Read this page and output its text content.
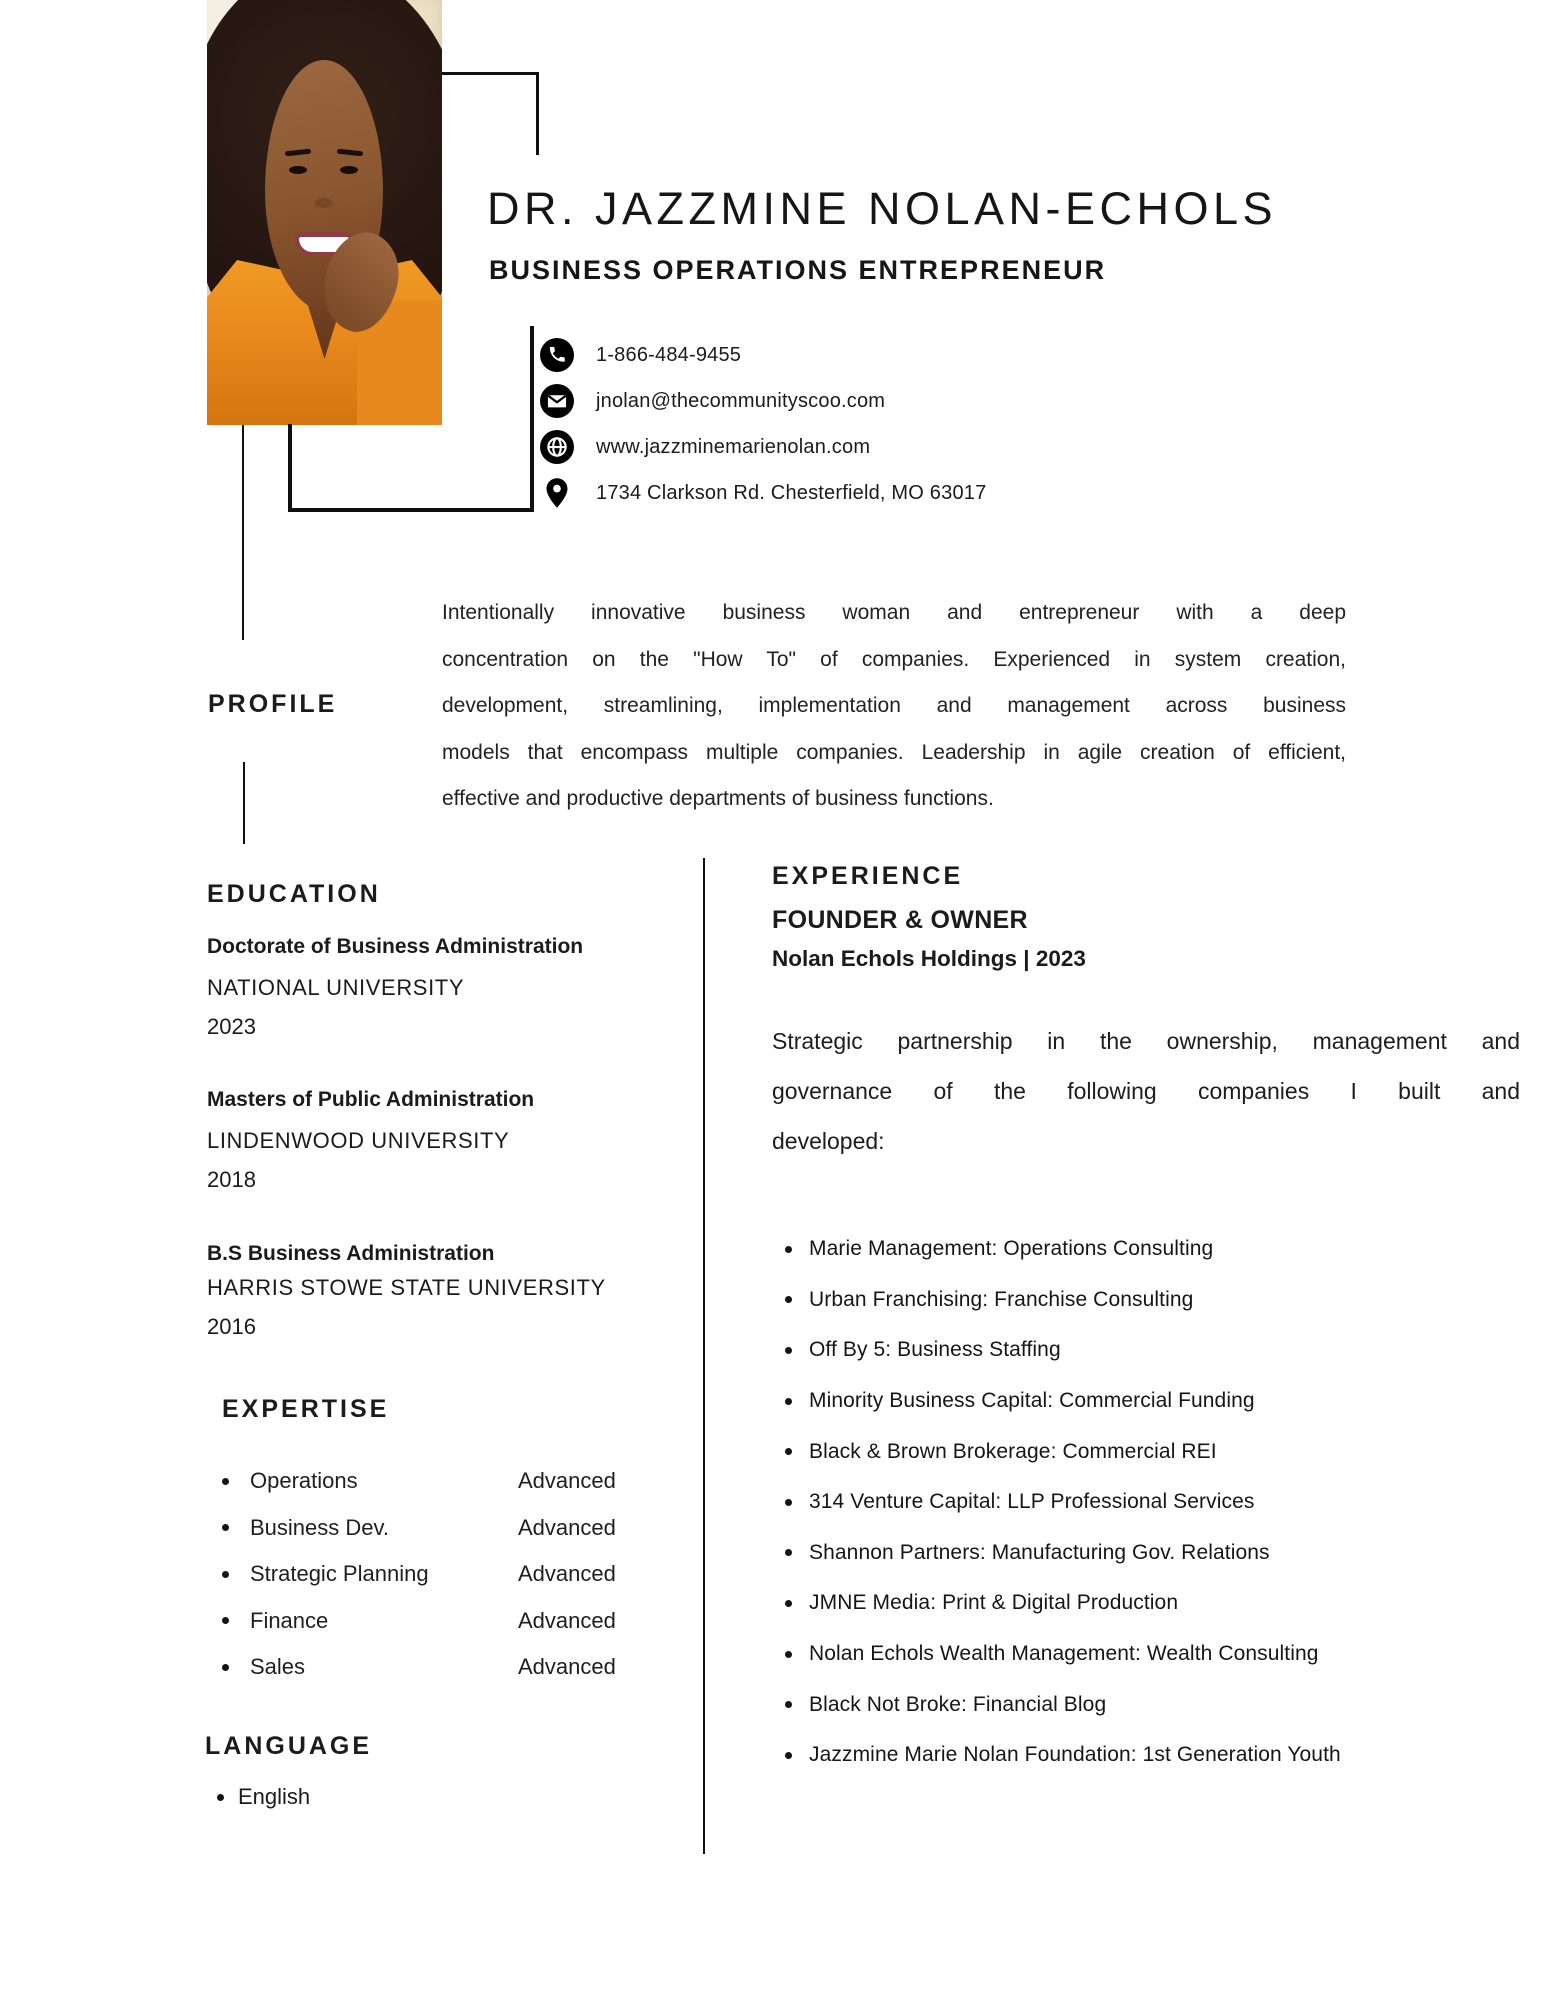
DR. JAZZMINE NOLAN-ECHOLS
BUSINESS OPERATIONS ENTREPRENEUR
1-866-484-9455
jnolan@thecommunityscoo.com
www.jazzminemarienolan.com
1734 Clarkson Rd. Chesterfield, MO 63017
PROFILE
Intentionally innovative business woman and entrepreneur with a deep
concentration on the "How To" of companies. Experienced in system creation,
development, streamlining, implementation and management across business
models that encompass multiple companies. Leadership in agile creation of efficient,
effective and productive departments of business functions.
EDUCATION
Doctorate of Business Administration
NATIONAL UNIVERSITY
2023
Masters of Public Administration
LINDENWOOD UNIVERSITY
2018
B.S Business Administration
HARRIS STOWE STATE UNIVERSITY
2016
EXPERTISE
Operations	Advanced
Business Dev.	Advanced
Strategic Planning	Advanced
Finance	Advanced
Sales	Advanced
LANGUAGE
English
EXPERIENCE
FOUNDER & OWNER
Nolan Echols Holdings | 2023
Strategic partnership in the ownership, management and
governance of the following companies I built and
developed:
Marie Management: Operations Consulting
Urban Franchising: Franchise Consulting
Off By 5: Business Staffing
Minority Business Capital: Commercial Funding
Black & Brown Brokerage: Commercial REI
314 Venture Capital: LLP Professional Services
Shannon Partners: Manufacturing Gov. Relations
JMNE Media: Print & Digital Production
Nolan Echols Wealth Management: Wealth Consulting
Black Not Broke: Financial Blog
Jazzmine Marie Nolan Foundation: 1st Generation Youth
